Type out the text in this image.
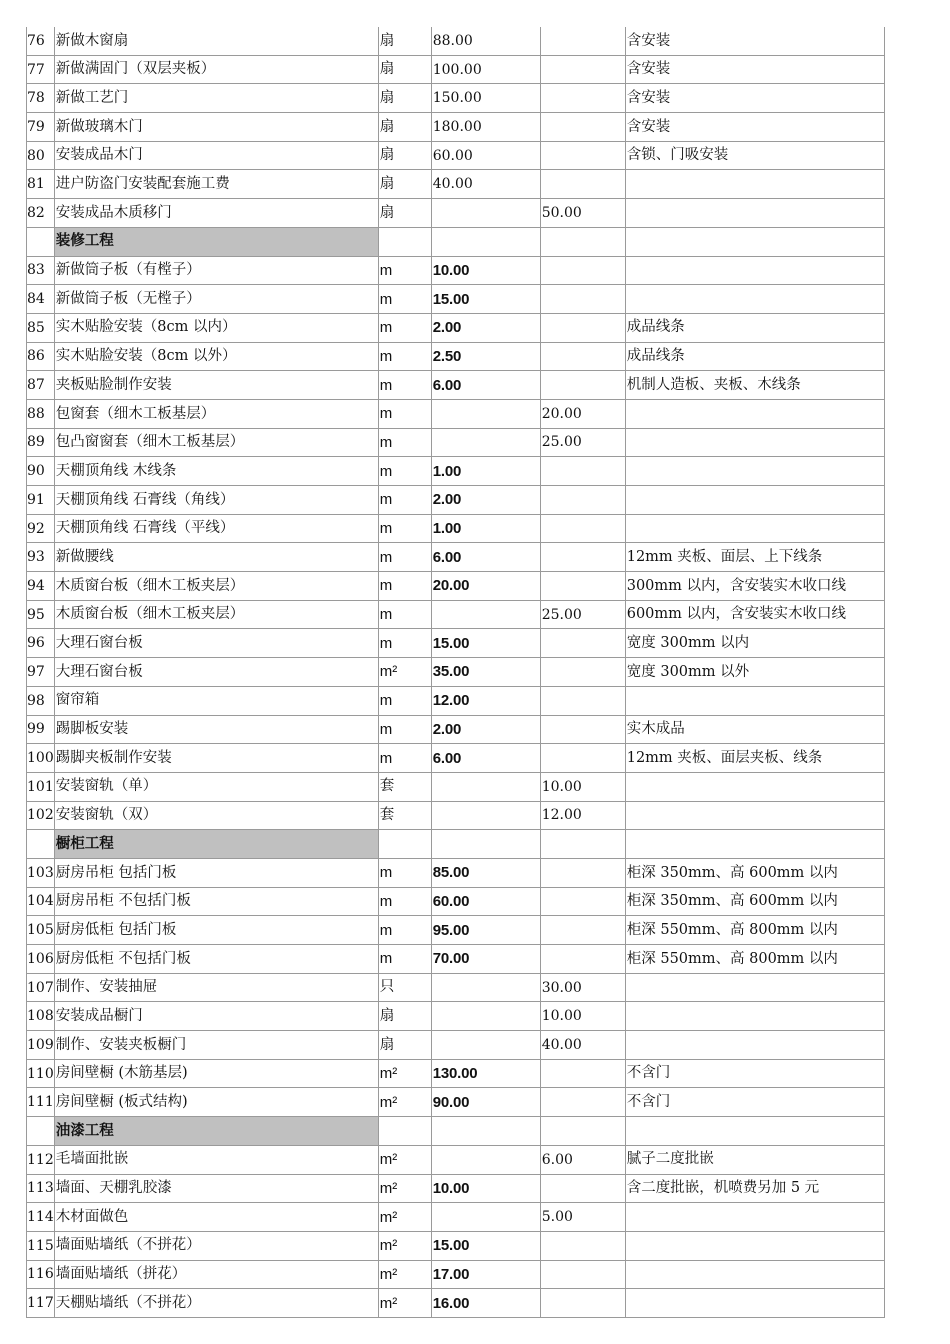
76	新做木窗扇	扇	88.00		含安装
77	新做满固门（双层夹板）	扇	100.00		含安装
78	新做工艺门	扇	150.00		含安装
79	新做玻璃木门	扇	180.00		含安装
80	安装成品木门	扇	60.00		含锁、门吸安装
81	进户防盗门安装配套施工费	扇	40.00		
82	安装成品木质移门	扇		50.00	
	装修工程				
83	新做筒子板（有樘子）	m	10.00		
84	新做筒子板（无樘子）	m	15.00		
85	实木贴脸安装（8cm 以内）	m	2.00		成品线条
86	实木贴脸安装（8cm 以外）	m	2.50		成品线条
87	夹板贴脸制作安装	m	6.00		机制人造板、夹板、木线条
88	包窗套（细木工板基层）	m		20.00	
89	包凸窗窗套（细木工板基层）	m		25.00	
90	天棚顶角线 木线条	m	1.00		
91	天棚顶角线 石膏线（角线）	m	2.00		
92	天棚顶角线 石膏线（平线）	m	1.00		
93	新做腰线	m	6.00		12mm 夹板、面层、上下线条
94	木质窗台板（细木工板夹层）	m	20.00		300mm 以内，含安装实木收口线
95	木质窗台板（细木工板夹层）	m		25.00	600mm 以内，含安装实木收口线
96	大理石窗台板	m	15.00		宽度 300mm 以内
97	大理石窗台板	m²	35.00		宽度 300mm 以外
98	窗帘箱	m	12.00		
99	踢脚板安装	m	2.00		实木成品
100	踢脚夹板制作安装	m	6.00		12mm 夹板、面层夹板、线条
101	安装窗轨（单）	套		10.00	
102	安装窗轨（双）	套		12.00	
	橱柜工程				
103	厨房吊柜 包括门板	m	85.00		柜深 350mm、高 600mm 以内
104	厨房吊柜 不包括门板	m	60.00		柜深 350mm、高 600mm 以内
105	厨房低柜 包括门板	m	95.00		柜深 550mm、高 800mm 以内
106	厨房低柜 不包括门板	m	70.00		柜深 550mm、高 800mm 以内
107	制作、安装抽屉	只		30.00	
108	安装成品橱门	扇		10.00	
109	制作、安装夹板橱门	扇		40.00	
110	房间壁橱 (木筋基层)	m²	130.00		不含门
111	房间壁橱 (板式结构)	m²	90.00		不含门
	油漆工程				
112	毛墙面批嵌	m²		6.00	腻子二度批嵌
113	墙面、天棚乳胶漆	m²	10.00		含二度批嵌，机喷费另加 5 元
114	木材面做色	m²		5.00	
115	墙面贴墙纸（不拼花）	m²	15.00		
116	墙面贴墙纸（拼花）	m²	17.00		
117	天棚贴墙纸（不拼花）	m²	16.00		
